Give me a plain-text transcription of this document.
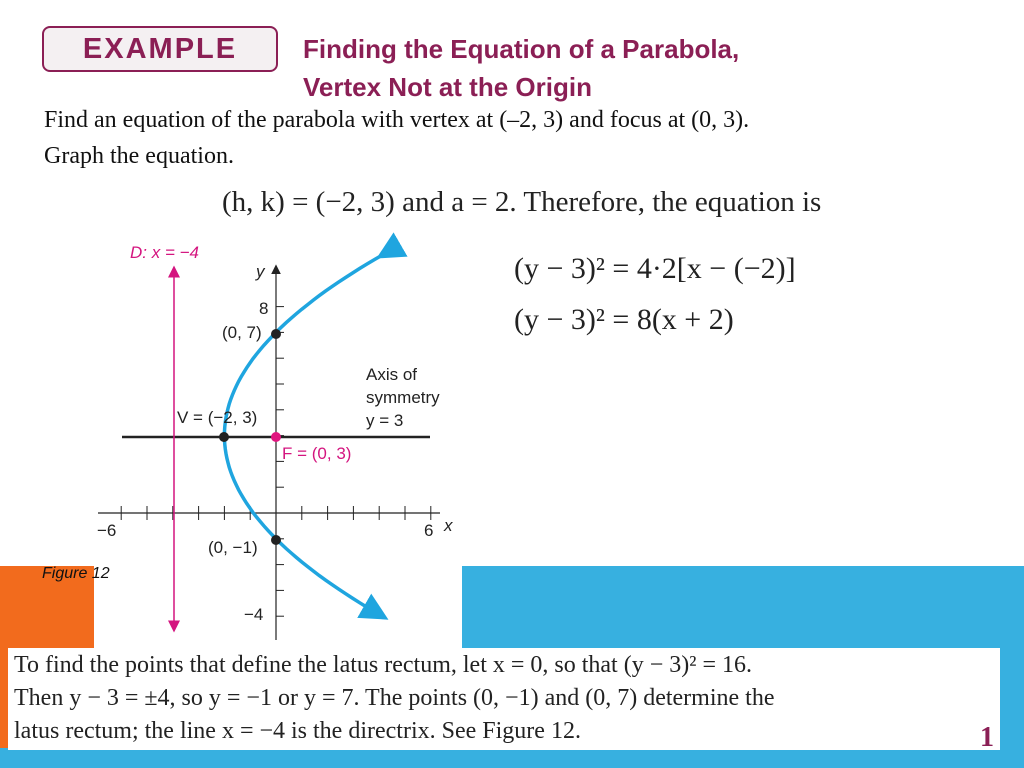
EXAMPLE	Finding the Equation of a Parabola,
Vertex Not at the Origin
Find an equation of the parabola with vertex at (–2, 3) and focus at (0, 3).
Graph the equation.
(h, k) = (−2, 3) and a = 2. Therefore, the equation is
(y − 3)² = 4·2[x − (−2)]
(y − 3)² = 8(x + 2)
D: x = −4
y
x
8
−4
−6	6
(0, 7)
(0, −1)
V = (−2, 3)
F = (0, 3)
Axis of
symmetry
y = 3
Figure 12
To find the points that define the latus rectum, let x = 0, so that (y − 3)² = 16.
Then y − 3 = ±4, so y = −1 or y = 7. The points (0, −1) and (0, 7) determine the
latus rectum; the line x = −4 is the directrix. See Figure 12.	1
